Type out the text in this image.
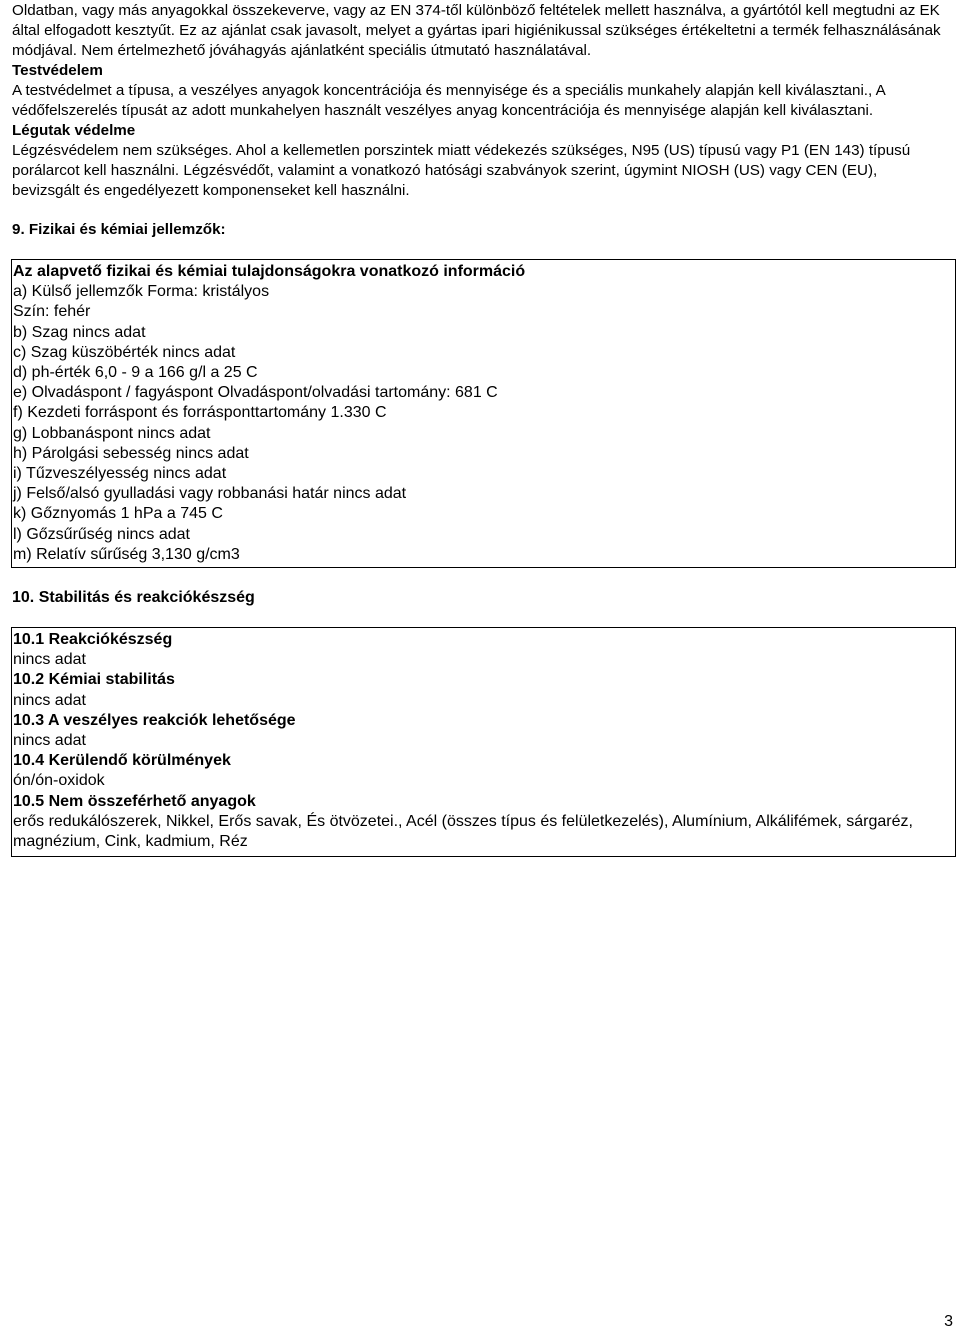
Oldatban, vagy más anyagokkal összekeverve, vagy az EN 374-től különböző feltételek mellett használva, a gyártótól kell megtudni az EK által elfogadott kesztyűt. Ez az ajánlat csak javasolt, melyet a gyártas ipari higiénikussal szükséges értékeltetni a termék felhasználásának módjával. Nem értelmezhető jóváhagyás ajánlatként speciális útmutató használatával.
Testvédelem
A testvédelmet a típusa, a veszélyes anyagok koncentrációja és mennyisége és a speciális munkahely alapján kell kiválasztani., A védőfelszerelés típusát az adott munkahelyen használt veszélyes anyag koncentrációja és mennyisége alapján kell kiválasztani.
Légutak védelme
Légzésvédelem nem szükséges. Ahol a kellemetlen porszintek miatt védekezés szükséges, N95 (US) típusú vagy P1 (EN 143) típusú porálarcot kell használni. Légzésvédőt, valamint a vonatkozó hatósági szabványok szerint, úgymint NIOSH (US) vagy CEN (EU), bevizsgált és engedélyezett komponenseket kell használni.
9. Fizikai és kémiai jellemzők:
Az alapvető fizikai és kémiai tulajdonságokra vonatkozó információ
a) Külső jellemzők Forma: kristályos
Szín: fehér
b) Szag nincs adat
c) Szag küszöbérték nincs adat
d) ph-érték 6,0 - 9 a 166 g/l a 25 C
e) Olvadáspont / fagyáspont Olvadáspont/olvadási tartomány: 681 C
f) Kezdeti forráspont és forrásponttartomány 1.330 C
g) Lobbanáspont nincs adat
h) Párolgási sebesség nincs adat
i) Tűzveszélyesség nincs adat
j) Felső/alsó gyulladási vagy robbanási határ nincs adat
k) Gőznyomás 1 hPa a 745 C
l) Gőzsűrűség nincs adat
m) Relatív sűrűség 3,130 g/cm3
10. Stabilitás és reakciókészség
10.1 Reakciókészség
nincs adat
10.2 Kémiai stabilitás
nincs adat
10.3 A veszélyes reakciók lehetősége
nincs adat
10.4 Kerülendő körülmények
ón/ón-oxidok
10.5 Nem összeférhető anyagok
erős redukálószerek, Nikkel, Erős savak, És ötvözetei., Acél (összes típus és felületkezelés), Alumínium, Alkálifémek, sárgaréz, magnézium, Cink, kadmium, Réz
3
